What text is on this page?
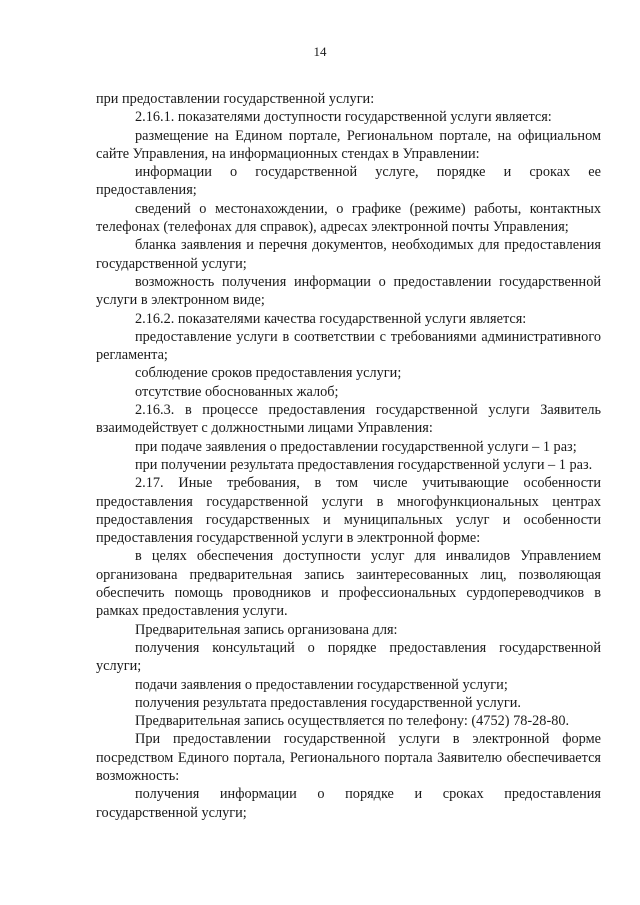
14

при предоставлении государственной услуги:

2.16.1. показателями доступности государственной услуги является:

размещение на Едином портале, Региональном портале, на официальном сайте Управления, на информационных стендах в Управлении:

информации о государственной услуге, порядке и сроках ее предоставления;

сведений о местонахождении, о графике (режиме) работы, контактных телефонах (телефонах для справок), адресах электронной почты Управления;

бланка заявления и перечня документов, необходимых для предоставления государственной услуги;

возможность получения информации о предоставлении государственной услуги в электронном виде;

2.16.2. показателями качества государственной услуги является:

предоставление услуги в соответствии с требованиями административного регламента;

соблюдение сроков предоставления услуги;

отсутствие обоснованных жалоб;

2.16.3. в процессе предоставления государственной услуги Заявитель взаимодействует с должностными лицами Управления:

при подаче заявления о предоставлении государственной услуги – 1 раз;

при получении результата предоставления государственной услуги – 1 раз.

2.17. Иные требования, в том числе учитывающие особенности предоставления государственной услуги в многофункциональных центрах предоставления государственных и муниципальных услуг и особенности предоставления государственной услуги в электронной форме:

в целях обеспечения доступности услуг для инвалидов Управлением организована предварительная запись заинтересованных лиц, позволяющая обеспечить помощь проводников и профессиональных сурдопереводчиков в рамках предоставления услуги.

Предварительная запись организована для:

получения консультаций о порядке предоставления государственной услуги;

подачи заявления о предоставлении государственной услуги;

получения результата предоставления государственной услуги.

Предварительная запись осуществляется по телефону: (4752) 78-28-80.

При предоставлении государственной услуги в электронной форме посредством Единого портала, Регионального портала Заявителю обеспечивается возможность:

получения информации о порядке и сроках предоставления государственной услуги;
